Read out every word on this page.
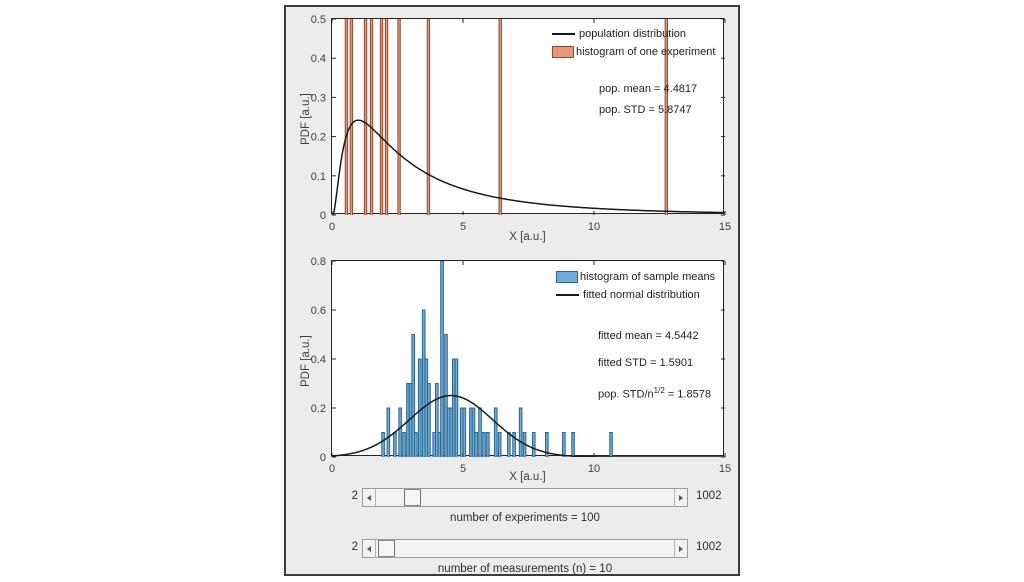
0	5	10	15
0
0.1
0.2
0.3
0.4
0.5
population distribution
histogram of one experiment
pop. mean = 4.4817
pop. STD = 5.8747
X [a.u.]
PDF [a.u.]
0	5	10	15
0
0.2
0.4
0.6
0.8
histogram of sample means
fitted normal distribution
fitted mean = 4.5442
fitted STD = 1.5901
pop. STD/$n^{1/2} = 1.8578$
X [a.u.]
PDF [a.u.]
2	1002
number of experiments = 100
2	1002
number of measurements (n) = 10
